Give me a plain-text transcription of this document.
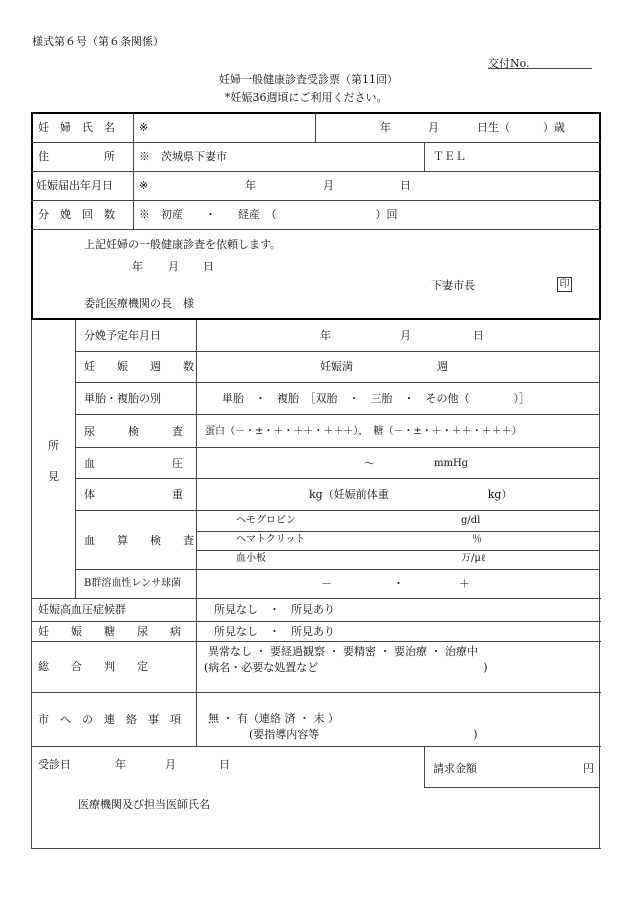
様式第６号（第６条関係）
交付No.
妊婦一般健康診査受診票（第11回）
*妊娠36週頃にご利用ください。
妊　婦　氏　名 ※	年	月	日生（　　　）歳
住　　　　　所 ※　茨城県下妻市	ＴＥＬ
妊娠届出年月日 ※	年	月	日
分　娩　回　数 ※　初産　　・　　経産　（　　　　　　　　　）回
上記妊婦の一般健康診査を依頼します。
年 月 日
下妻市長	印
委託医療機関の長　様
所
見
分娩予定年月日	年	月	日
妊　　娠　　週　　数	妊娠満	週
単胎・複胎の別	単胎　・　複胎　［双胎　・　三胎　・　その他（　　　　）］
尿　　　検　　　査 蛋白（－・±・＋・＋＋・＋＋＋），　糖（－・±・＋・＋＋・＋＋＋）
血　　　　　　　圧	～	mmHg
体　　　　　　　重	kg（妊娠前体重　　　　　　　　　kg）
血　　算　　検　　査
ヘモグロビン	g/dl
ヘマトクリット	％
血小板	万/μℓ
B群溶血性レンサ球菌	－	・	＋
妊娠高血圧症候群	所見なし　・　所見あり
妊　　娠　　糖　　尿　　病	所見なし　・　所見あり
総　　合　　判　　定
異常なし ・ 要経過観察 ・ 要精密 ・ 要治療 ・ 治療中
(病名・必要な処置など　　　　　　　　　　　　　　　)
市　へ　の　連　絡　事　項 無 ・ 有（連絡 済 ・ 未 ）
(要指導内容等　　　　　　　　　　　　　　)
受診日	年	月	日	請求金額	円
医療機関及び担当医師氏名
